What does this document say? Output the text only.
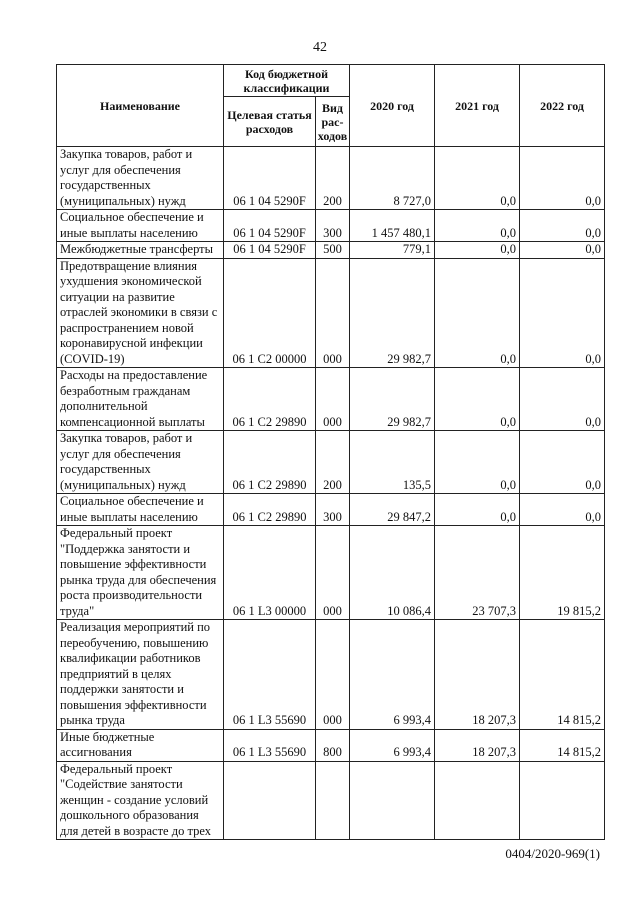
42
Наименование	Код бюджетной классификации		2020 год	2021 год	2022 год
	Целевая статья расходов	Вид рас-ходов			
Закупка товаров, работ и услуг для обеспечения государственных (муниципальных) нужд	06 1 04 5290F	200	8 727,0	0,0	0,0
Социальное обеспечение и иные выплаты населению	06 1 04 5290F	300	1 457 480,1	0,0	0,0
Межбюджетные трансферты	06 1 04 5290F	500	779,1	0,0	0,0
Предотвращение влияния ухудшения экономической ситуации на развитие отраслей экономики в связи с распространением новой коронавирусной инфекции (COVID-19)	06 1 C2 00000	000	29 982,7	0,0	0,0
Расходы на предоставление безработным гражданам дополнительной компенсационной выплаты	06 1 C2 29890	000	29 982,7	0,0	0,0
Закупка товаров, работ и услуг для обеспечения государственных (муниципальных) нужд	06 1 C2 29890	200	135,5	0,0	0,0
Социальное обеспечение и иные выплаты населению	06 1 C2 29890	300	29 847,2	0,0	0,0
Федеральный проект "Поддержка занятости и повышение эффективности рынка труда для обеспечения роста производительности труда"	06 1 L3 00000	000	10 086,4	23 707,3	19 815,2
Реализация мероприятий по переобучению, повышению квалификации работников предприятий в целях поддержки занятости и повышения эффективности рынка труда	06 1 L3 55690	000	6 993,4	18 207,3	14 815,2
Иные бюджетные ассигнования	06 1 L3 55690	800	6 993,4	18 207,3	14 815,2
Федеральный проект "Содействие занятости женщин - создание условий дошкольного образования для детей в возрасте до трех					
0404/2020-969(1)
